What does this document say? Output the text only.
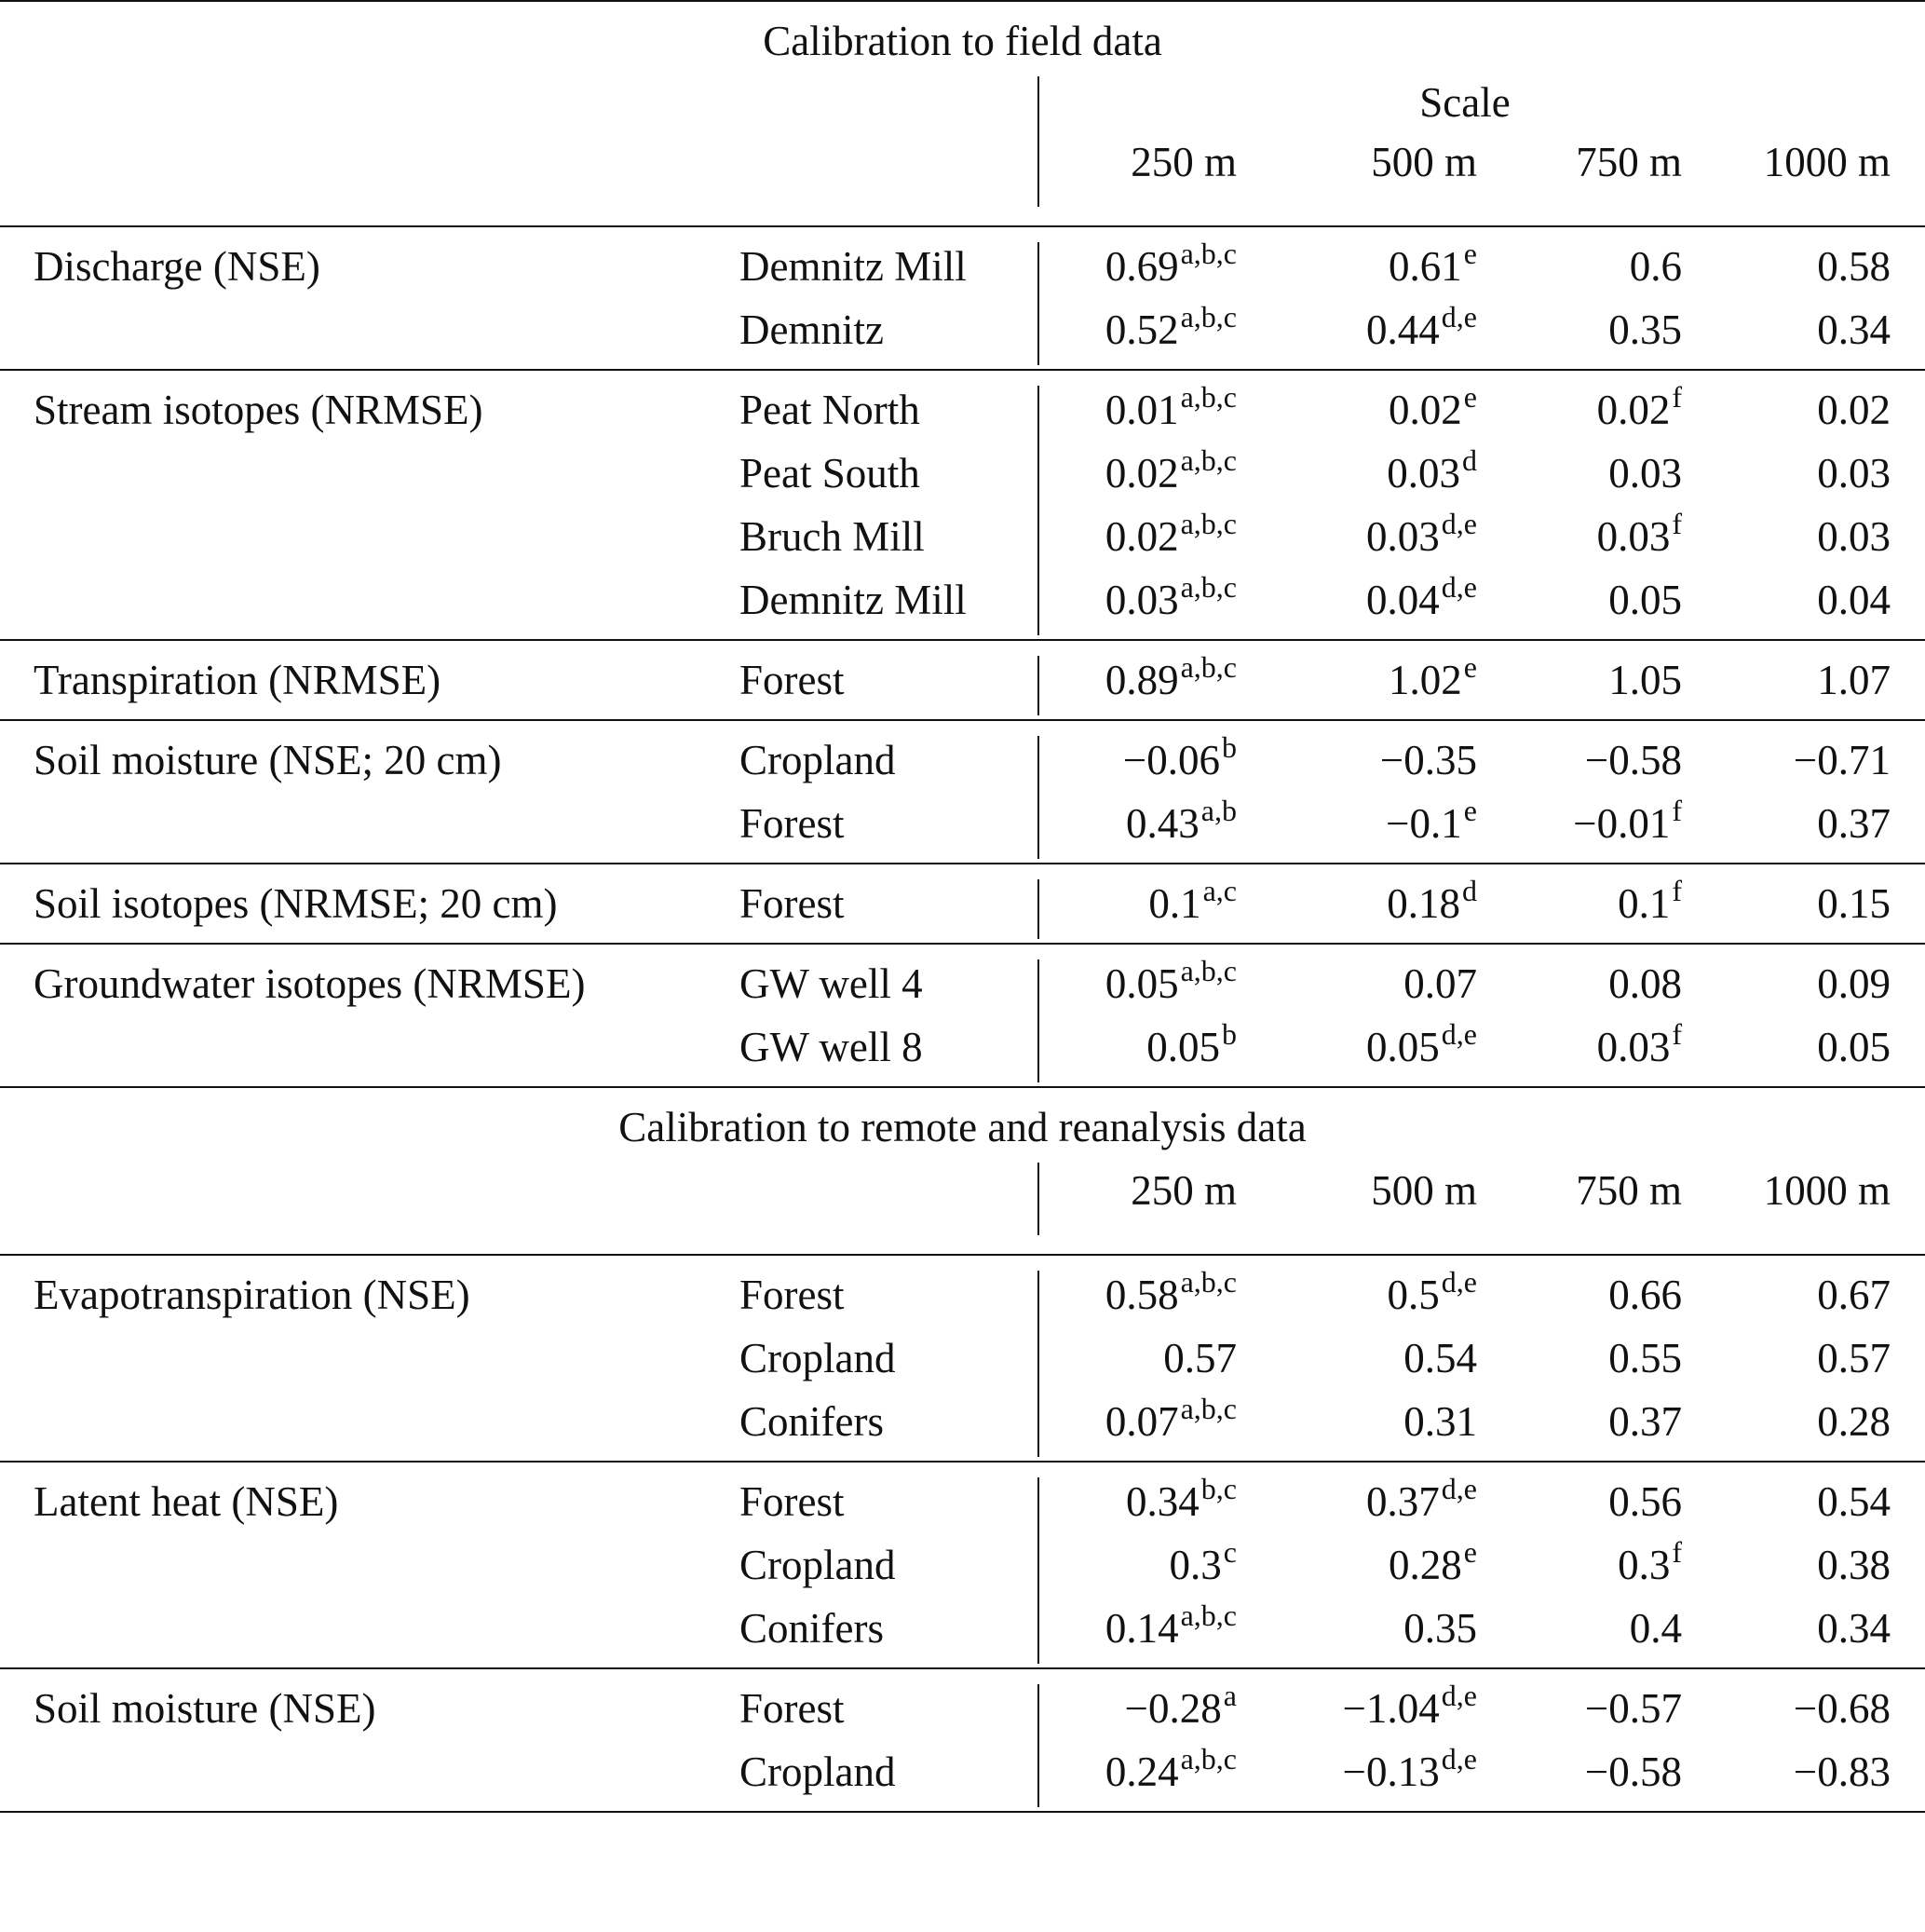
Calibration to field data
Scale
250 m	500 m 750 m 1000 m
Discharge (NSE)	Demnitz Mill	0.69$^{a,b,c}$	0.61e	0.6	0.58
Demnitz	0.52$^{a,b,c}$	0.44$^{d,e}$	0.35	0.34
Stream isotopes (NRMSE)	Peat North	0.01$^{a,b,c}$	0.02e	0.02$^f$	0.02
Peat South	0.02$^{a,b,c}$	0.03$^d$	0.03	0.03
Bruch Mill	0.02$^{a,b,c}$	0.03$^{d,e}$	0.03$^f$	0.03
Demnitz Mill	0.03$^{a,b,c}$	0.04$^{d,e}$	0.05	0.04
Transpiration (NRMSE)	Forest	0.89$^{a,b,c}$	1.02e	1.05	1.07
Soil moisture (NSE; 20 cm)	Cropland	−0.06$^b$	−0.35	−0.58	−0.71
Forest	$0.43^{a,b}$	−0.1$^e$ −0.01$^f$	0.37
Soil isotopes (NRMSE; 20 cm)	Forest	0.1$^{a,c}$	0.18$^d$	0.1$^f$	0.15
Groundwater isotopes (NRMSE)	GW well 4	0.05$^{a,b,c}$	0.07	0.08	0.09
GW well 8	0.05$^b$	0.05$^{d,e}$	0.03$^f$	0.05
Calibration to remote and reanalysis data
250 m	500 m 750 m 1000 m
Evapotranspiration (NSE)	Forest	0.58$^{a,b,c}$	0.5$^{d,e}$	0.66	0.67
Cropland	0.57	0.54	0.55	0.57
Conifers	0.07$^{a,b,c}$	0.31	0.37	0.28
Latent heat (NSE)	Forest	0.34$^{b,c}$	0.37$^{d,e}$	0.56	0.54
Cropland	0.3$^c$	0.28e	0.3$^f$	0.38
Conifers	0.14$^{a,b,c}$	0.35	0.4	0.34
Soil moisture (NSE)	Forest	−0.28$^a$	$-1.04^{d,e}$	−0.57	−0.68
Cropland	$0.24^{a,b,c}$	$-0.13^{d,e}$	−0.58	−0.83
